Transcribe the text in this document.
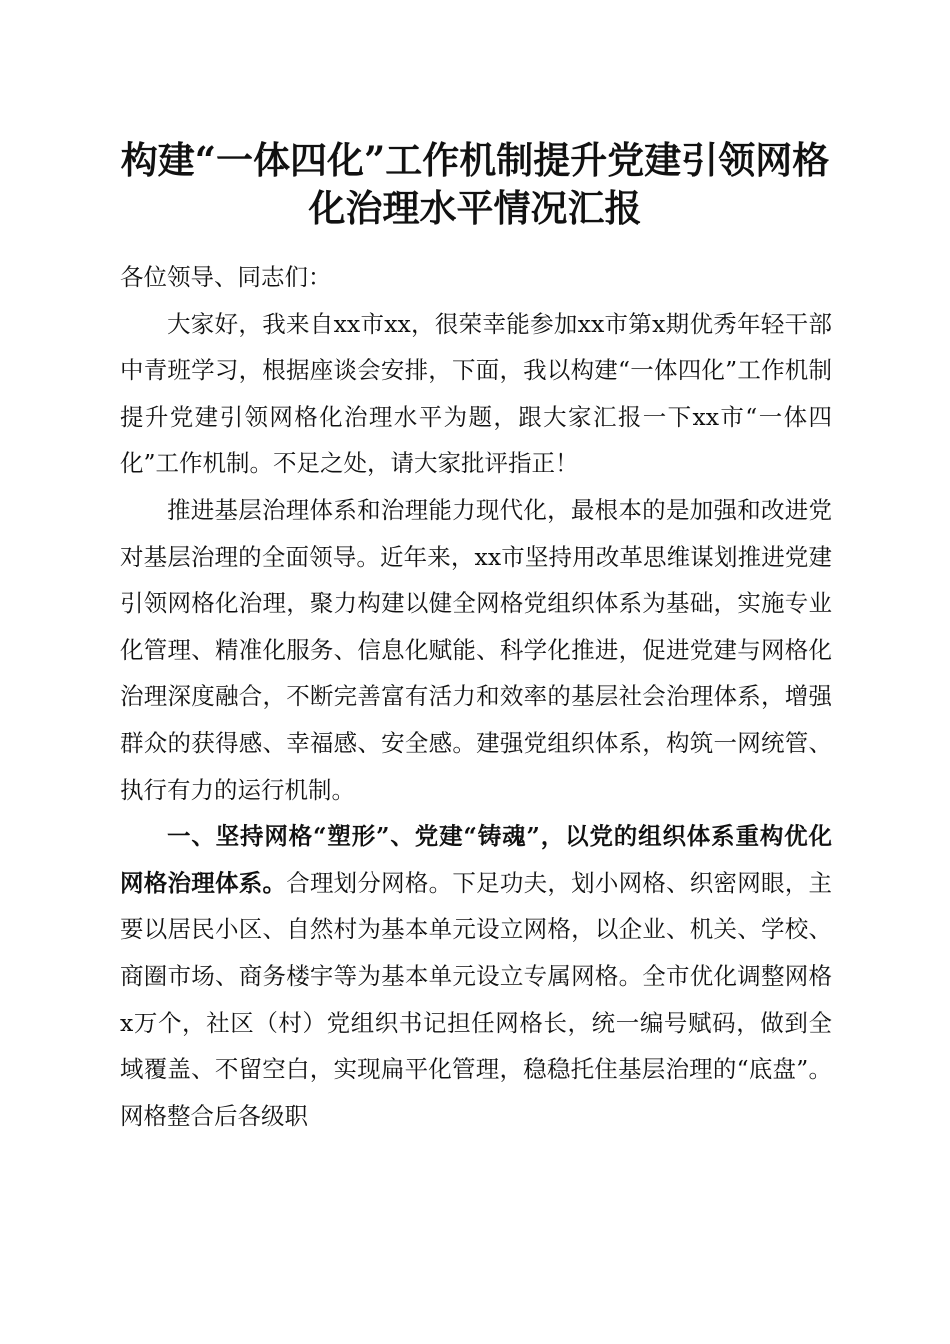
构建“一体四化”工作机制提升党建引领网格
化治理水平情况汇报

各位领导、同志们：

大家好，我来自xx市xx，很荣幸能参加xx市第x期优秀年轻干部中青班学习，根据座谈会安排，下面，我以构建“一体四化”工作机制提升党建引领网格化治理水平为题，跟大家汇报一下xx市“一体四化”工作机制。不足之处，请大家批评指正！

推进基层治理体系和治理能力现代化，最根本的是加强和改进党对基层治理的全面领导。近年来，xx市坚持用改革思维谋划推进党建引领网格化治理，聚力构建以健全网格党组织体系为基础，实施专业化管理、精准化服务、信息化赋能、科学化推进，促进党建与网格化治理深度融合，不断完善富有活力和效率的基层社会治理体系，增强群众的获得感、幸福感、安全感。建强党组织体系，构筑一网统管、执行有力的运行机制。

一、坚持网格“塑形”、党建“铸魂”，以党的组织体系重构优化网格治理体系。合理划分网格。下足功夫，划小网格、织密网眼，主要以居民小区、自然村为基本单元设立网格，以企业、机关、学校、商圈市场、商务楼宇等为基本单元设立专属网格。全市优化调整网格x万个，社区（村）党组织书记担任网格长，统一编号赋码，做到全域覆盖、不留空白，实现扁平化管理，稳稳托住基层治理的“底盘”。网格整合后各级职
